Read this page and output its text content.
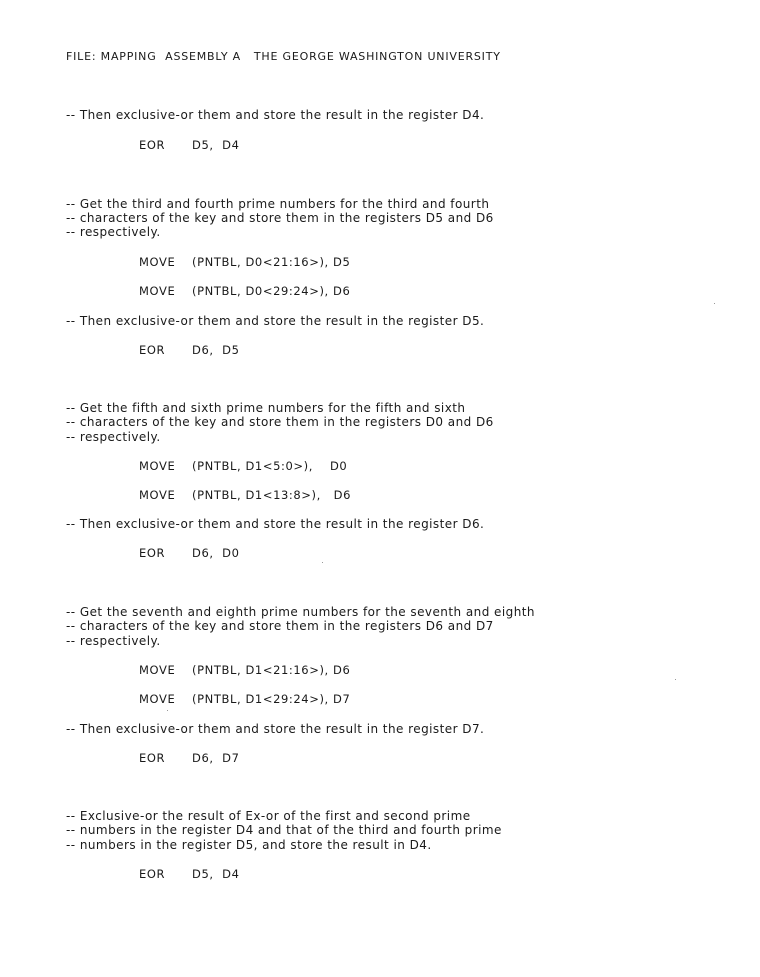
FILE: MAPPING  ASSEMBLY A   THE GEORGE WASHINGTON UNIVERSITY
-- Then exclusive-or them and store the result in the register D4.
EOR D5,  D4
-- Get the third and fourth prime numbers for the third and fourth
-- characters of the key and store them in the registers D5 and D6
-- respectively.
MOVE (PNTBL, D0<21:16>), D5
MOVE (PNTBL, D0<29:24>), D6
-- Then exclusive-or them and store the result in the register D5.
EOR D6,  D5
-- Get the fifth and sixth prime numbers for the fifth and sixth
-- characters of the key and store them in the registers D0 and D6
-- respectively.
MOVE (PNTBL, D1<5:0>),    D0
MOVE (PNTBL, D1<13:8>),   D6
-- Then exclusive-or them and store the result in the register D6.
EOR D6,  D0
-- Get the seventh and eighth prime numbers for the seventh and eighth
-- characters of the key and store them in the registers D6 and D7
-- respectively.
MOVE (PNTBL, D1<21:16>), D6
MOVE (PNTBL, D1<29:24>), D7
-- Then exclusive-or them and store the result in the register D7.
EOR D6,  D7
-- Exclusive-or the result of Ex-or of the first and second prime
-- numbers in the register D4 and that of the third and fourth prime
-- numbers in the register D5, and store the result in D4.
EOR D5,  D4
